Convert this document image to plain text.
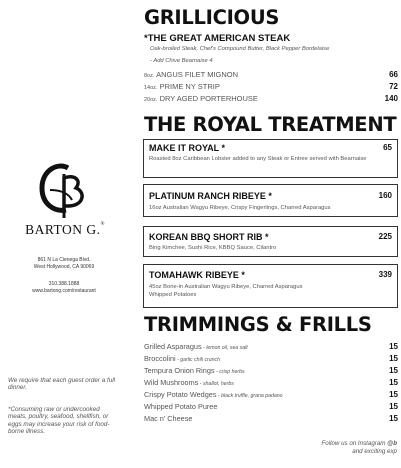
BARTON G.®
861 N La Cienega Blvd.
West Hollywood, CA 90069
310.388.1888
www.bartong.com/restaurant
We require that each guest order a full dinner.
*Consuming raw or undercooked meats, poultry, seafood, shellfish, or eggs may increase your risk of food-borne illness.
GRILLICIOUS
*THE GREAT AMERICAN STEAK
Oak-broiled Steak, Chef's Compound Butter, Black Pepper Bordelaise
- Add Chive Bearnaise 4
8oz. ANGUS FILET MIGNON	66
14oz. PRIME NY STRIP	72
20oz. DRY AGED PORTERHOUSE	140
THE ROYAL TREATMENT
MAKE IT ROYAL *	65
Roasted 8oz Caribbean Lobster added to any Steak or Entree served with Bearnaise
PLATINUM RANCH RIBEYE *	160
16oz Australian Wagyu Ribeye, Crispy Fingerlings, Charred Asparagus
KOREAN BBQ SHORT RIB *	225
Bing Kimchee, Sushi Rice, KBBQ Sauce, Cilantro
TOMAHAWK RIBEYE *	339
45oz Bone-in Australian Wagyu Ribeye, Charred Asparagus Whipped Potatoes
TRIMMINGS & FRILLS
Grilled Asparagus - lemon oil, sea salt	15
Broccolini - garlic chili crunch	15
Tempura Onion Rings - crisp herbs	15
Wild Mushrooms - shallot, herbs	15
Crispy Potato Wedges - black truffle, grana padano	15
Whipped Potato Puree	15
Mac n' Cheese	15
Follow us on Instagram @b
and exciting exp
